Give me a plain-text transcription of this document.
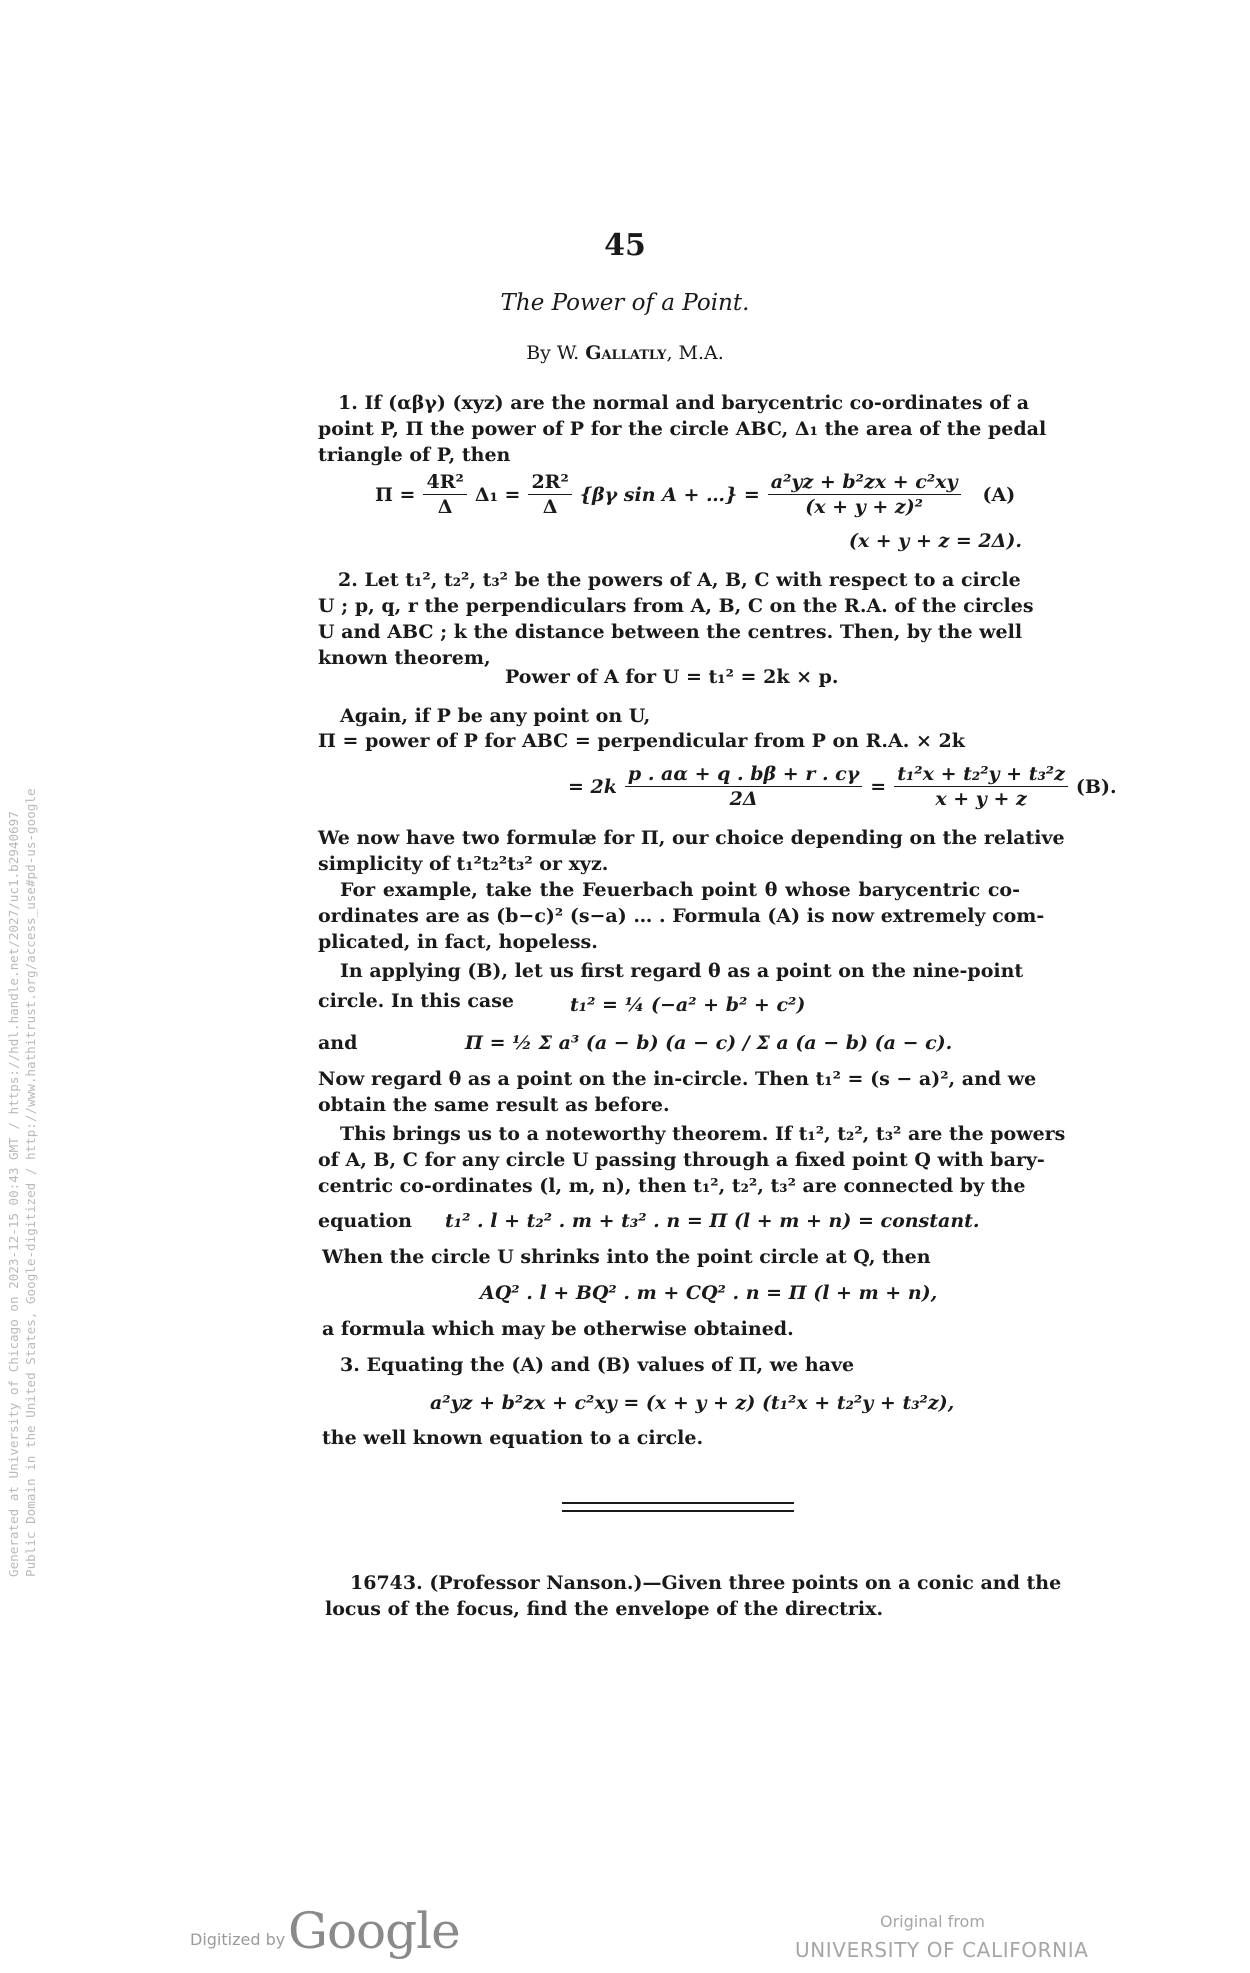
45
The Power of a Point.
By W. Gallatly, M.A.
1. If (αβγ) (xyz) are the normal and barycentric co-ordinates of a
point P, Π the power of P for the circle ABC, Δ₁ the area of the pedal
triangle of P, then
$\Pi = \frac{\text{4R²}}{\Delta} \Delta_1 = \frac{\text{2R²}}{\Delta} \{\beta\gamma$ sin A + …} = $\frac{\text{a²yz + b²zx + c²xy}}{\text{(x + y + z)²}} (A)$
(x + y + z = 2Δ).
2. Let t₁², t₂², t₃² be the powers of A, B, C with respect to a circle
U ; p, q, r the perpendiculars from A, B, C on the R.A. of the circles
U and ABC ; k the distance between the centres. Then, by the well
known theorem,
Power of A for U = t₁² = 2k × p.
Again, if P be any point on U,
Π = power of P for ABC = perpendicular from P on R.A. × 2k
= $2k \frac{p . a\alpha + q . b\beta + r . c\gamma}{2\Delta} = \frac{\text{t₁²x + t₂²y + t₃²z}}{x + y + z} (B)$.
We now have two formulæ for Π, our choice depending on the relative
simplicity of t₁²t₂²t₃² or xyz.
For example, take the Feuerbach point θ whose barycentric co-
ordinates are as (b−c)² (s−a) … . Formula (A) is now extremely com-
plicated, in fact, hopeless.
In applying (B), let us first regard θ as a point on the nine-point
circle. In this case	t₁² = ¼ (−a² + b² + c²)
and	Π = ½ Σ a³ (a − b) (a − c) / Σ a (a − b) (a − c).
Now regard θ as a point on the in-circle. Then t₁² = (s − a)², and we
obtain the same result as before.
This brings us to a noteworthy theorem. If t₁², t₂², t₃² are the powers
of A, B, C for any circle U passing through a fixed point Q with bary-
centric co-ordinates (l, m, n), then t₁², t₂², t₃² are connected by the
equation t₁² . l + t₂² . m + t₃² . n = Π (l + m + n) = constant.
When the circle U shrinks into the point circle at Q, then
AQ² . l + BQ² . m + CQ² . n = Π (l + m + n),
a formula which may be otherwise obtained.
3. Equating the (A) and (B) values of Π, we have
a²yz + b²zx + c²xy = (x + y + z) (t₁²x + t₂²y + t₃²z),
the well known equation to a circle.
16743. (Professor Nanson.)—Given three points on a conic and the
locus of the focus, find the envelope of the directrix.
Generated at University of Chicago on 2023-12-15 00:43 GMT / https://hdl.handle.net/2027/uc1.b2940697 Public Domain in the United States, Google-digitized / http://www.hathitrust.org/access_use#pd-us-google
Digitized by Google	Original from
UNIVERSITY OF CALIFORNIA
